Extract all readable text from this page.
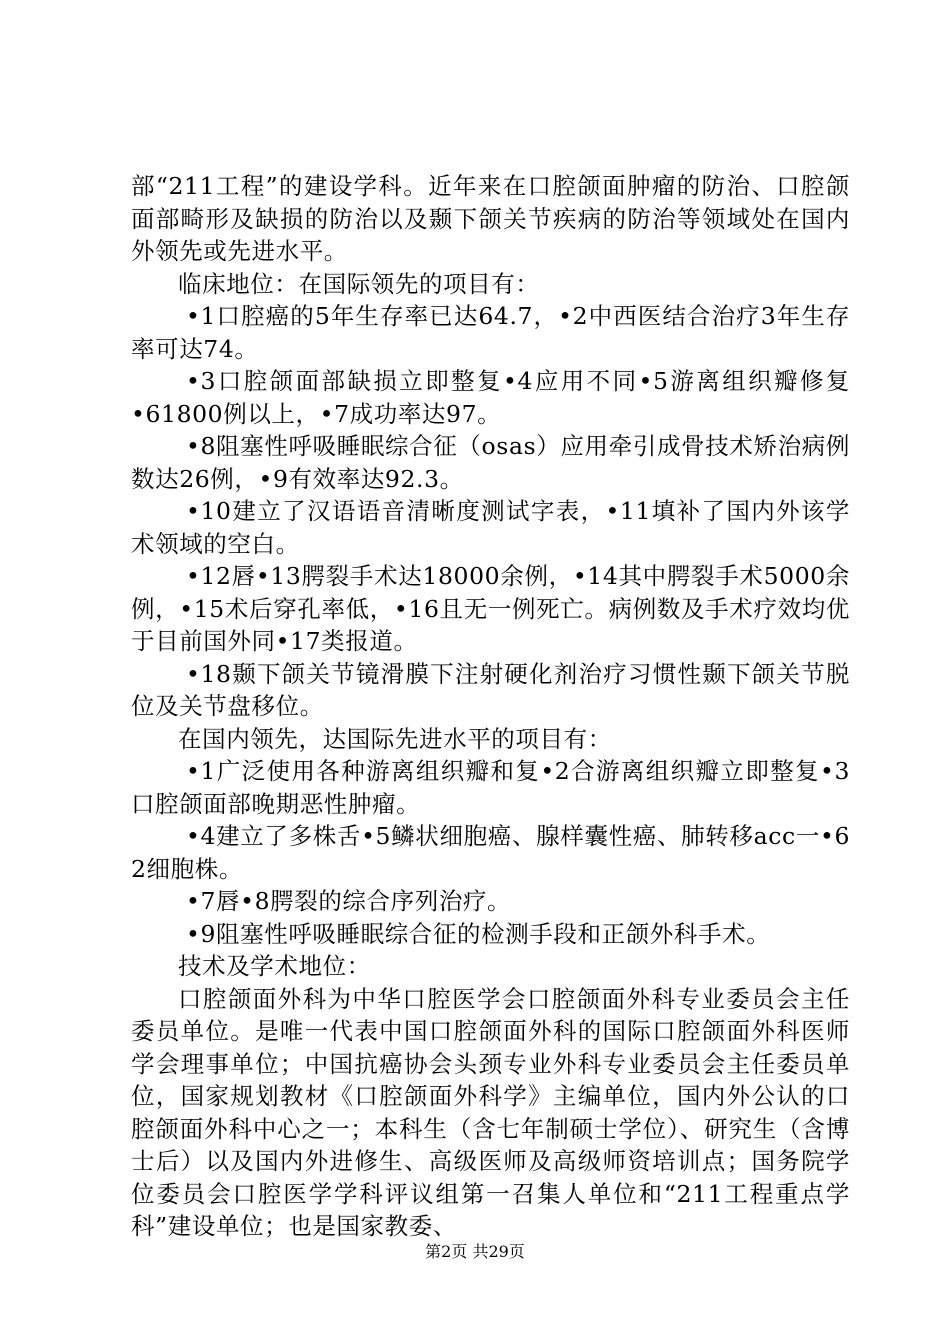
部“211工程”的建设学科。近年来在口腔颌面肿瘤的防治、口腔颌面部畸形及缺损的防治以及颞下颌关节疾病的防治等领域处在国内外领先或先进水平。

临床地位：在国际领先的项目有：

•1口腔癌的5年生存率已达64.7，•2中西医结合治疗3年生存率可达74。

•3口腔颌面部缺损立即整复•4应用不同•5游离组织瓣修复•61800例以上，•7成功率达97。

•8阻塞性呼吸睡眠综合征（osas）应用牵引成骨技术矫治病例数达26例，•9有效率达92.3。

•10建立了汉语语音清晰度测试字表，•11填补了国内外该学术领域的空白。

•12唇•13腭裂手术达18000余例，•14其中腭裂手术5000余例，•15术后穿孔率低，•16且无一例死亡。病例数及手术疗效均优于目前国外同•17类报道。

•18颞下颌关节镜滑膜下注射硬化剂治疗习惯性颞下颌关节脱位及关节盘移位。

在国内领先，达国际先进水平的项目有：

•1广泛使用各种游离组织瓣和复•2合游离组织瓣立即整复•3口腔颌面部晚期恶性肿瘤。

•4建立了多株舌•5鳞状细胞癌、腺样囊性癌、肺转移acc一•6 2细胞株。

•7唇•8腭裂的综合序列治疗。

•9阻塞性呼吸睡眠综合征的检测手段和正颌外科手术。

技术及学术地位：

口腔颌面外科为中华口腔医学会口腔颌面外科专业委员会主任委员单位。是唯一代表中国口腔颌面外科的国际口腔颌面外科医师学会理事单位；中国抗癌协会头颈专业外科专业委员会主任委员单位，国家规划教材《口腔颌面外科学》主编单位，国内外公认的口腔颌面外科中心之一；本科生（含七年制硕士学位）、研究生（含博士后）以及国内外进修生、高级医师及高级师资培训点；国务院学位委员会口腔医学学科评议组第一召集人单位和“211工程重点学科”建设单位；也是国家教委、

第2页 共29页
